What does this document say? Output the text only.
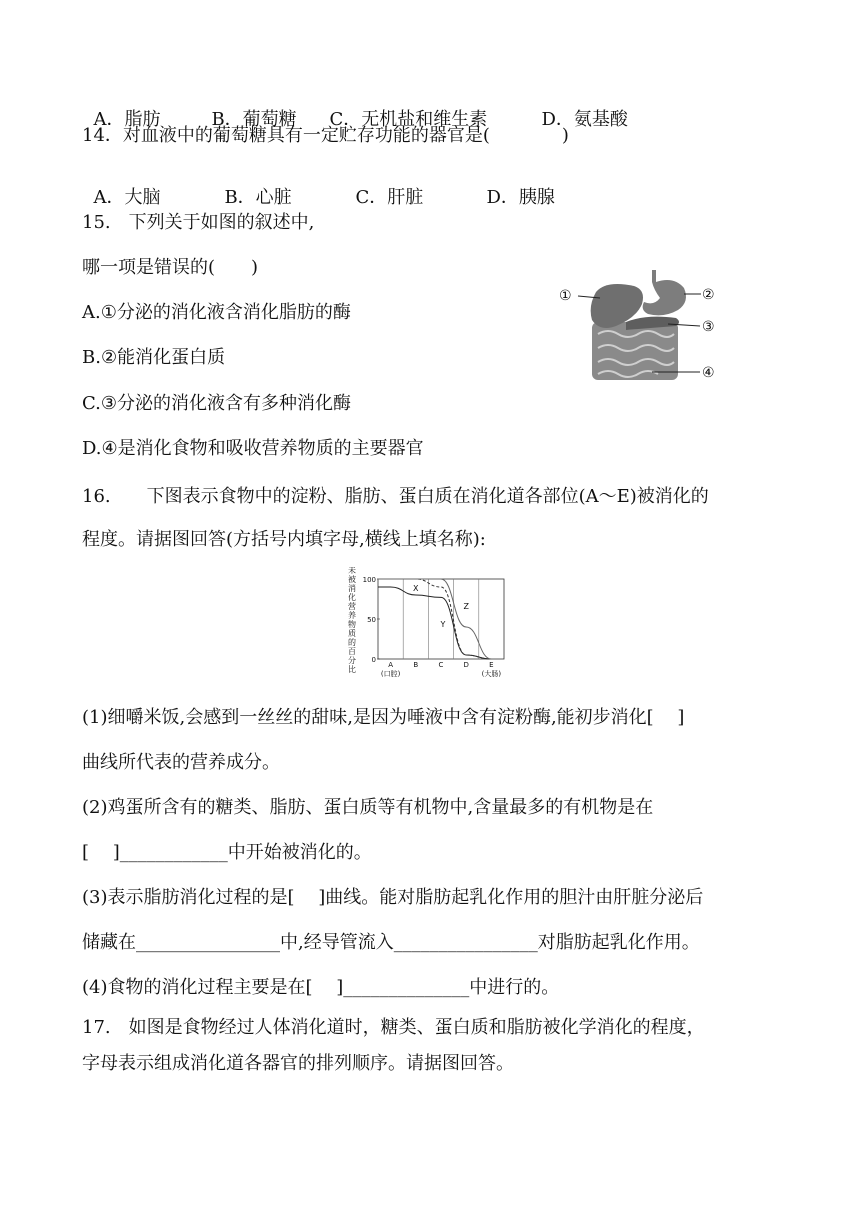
A．脂肪	B．葡萄糖 C．无机盐和维生素	D．氨基酸

14．对血液中的葡萄糖具有一定贮存功能的器官是(　　　　)

A．大脑	B．心脏	C．肝脏	D．胰腺

15.　下列关于如图的叙述中,
哪一项是错误的(　　)
A.①分泌的消化液含消化脂肪的酶
B.②能消化蛋白质
C.③分泌的消化液含有多种消化酶
D.④是消化食物和吸收营养物质的主要器官
①	②
③
④
16.　　下图表示食物中的淀粉、脂肪、蛋白质在消化道各部位(A～E)被消化的
程度。请据图回答(方括号内填字母,横线上填名称):
未被消化营养物质的百分比
100
50
0
A	B	C	D	E
(口腔)	(大肠)
X
Y
Z
(1)细嚼米饭,会感到一丝丝的甜味,是因为唾液中含有淀粉酶,能初步消化[　 ]
曲线所代表的营养成分。
(2)鸡蛋所含有的糖类、脂肪、蛋白质等有机物中,含量最多的有机物是在
[　 ]____________中开始被消化的。
(3)表示脂肪消化过程的是[　 ]曲线。能对脂肪起乳化作用的胆汁由肝脏分泌后
储藏在________________中,经导管流入________________对脂肪起乳化作用。
(4)食物的消化过程主要是在[　 ]______________中进行的。
17.　如图是食物经过人体消化道时，糖类、蛋白质和脂肪被化学消化的程度，
字母表示组成消化道各器官的排列顺序。请据图回答。
